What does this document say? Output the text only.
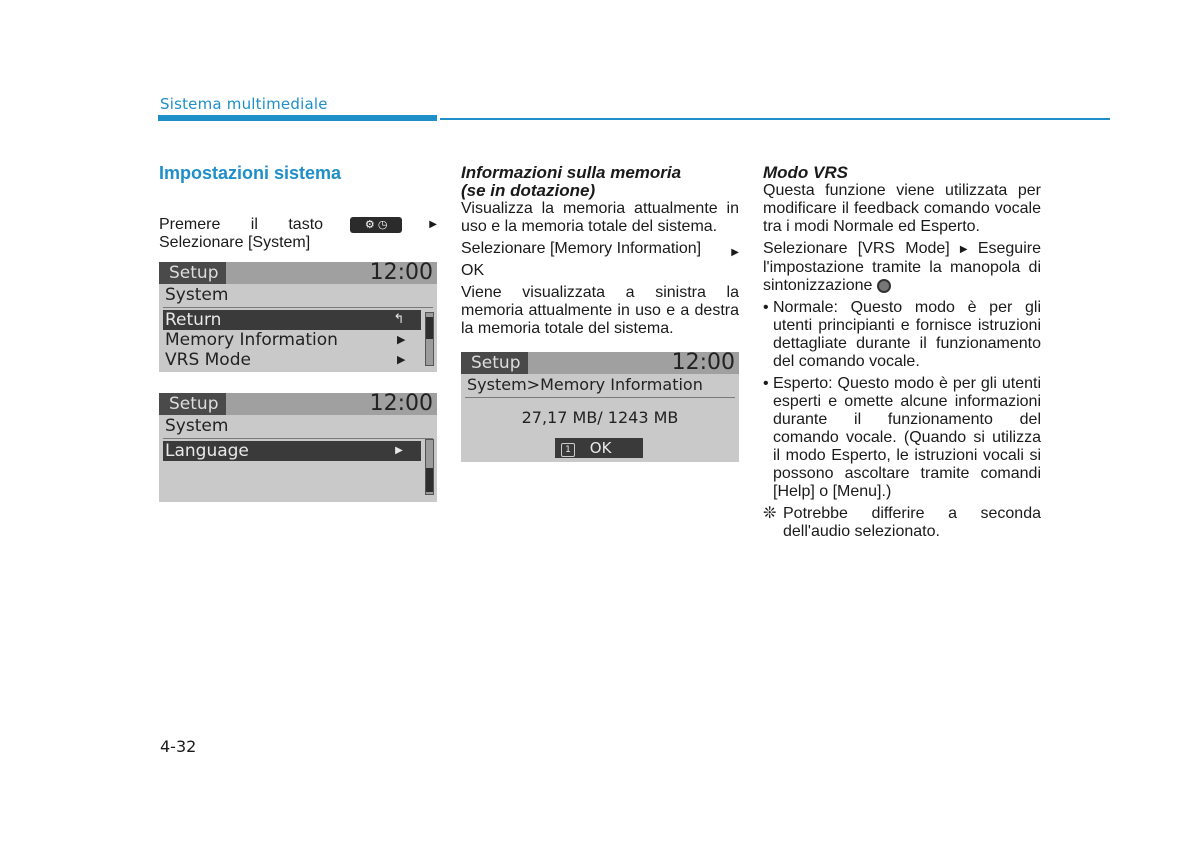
Sistema multimediale
Impostazioni sistema
Premere il tasto	⚙ ◷	▶
Selezionare [System]
Setup	12:00
System
Return	↰
Memory Information	▶
VRS Mode	▶
Setup	12:00
System
Language	▶
Informazioni sulla memoria
(se in dotazione)

Visualizza la memoria attualmente in uso e la memoria totale del sistema.

Selezionare [Memory Information]	▶

OK

Viene visualizzata a sinistra la memoria attualmente in uso e a destra la memoria totale del sistema.

Setup	12:00
System>Memory Information
27,17 MB/ 1243 MB
1 OK
Modo VRS

Questa funzione viene utilizzata per modificare il feedback comando vocale tra i modi Normale ed Esperto.

Selezionare [VRS Mode] ▶ Eseguire l'impostazione tramite la manopola di sintonizzazione

• Normale: Questo modo è per gli utenti principianti e fornisce istruzioni dettagliate durante il funzionamento del comando vocale.
• Esperto: Questo modo è per gli utenti esperti e omette alcune informazioni durante il funzionamento del comando vocale. (Quando si utilizza il modo Esperto, le istruzioni vocali si possono ascoltare tramite comandi [Help] o [Menu].)
❊ Potrebbe differire a seconda dell'audio selezionato.
4-32
